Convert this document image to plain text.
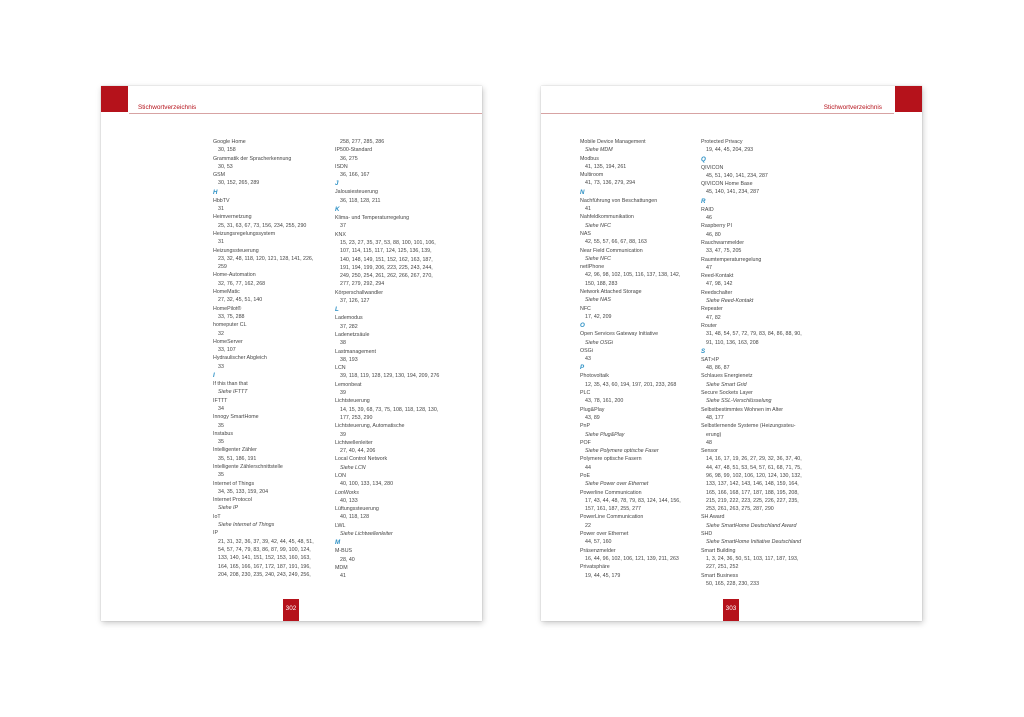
Stichwortverzeichnis
Google Home
30, 158
Grammatik der Spracherkennung
30, 53
GSM
30, 152, 265, 289
H
HbbTV
31
Heimvernetzung
25, 31, 63, 67, 73, 156, 234, 255, 290
Heizungsregelungssystem
31
Heizungssteuerung
23, 32, 48, 118, 120, 121, 128, 141, 226,
259
Home-Automation
32, 76, 77, 162, 268
HomeMatic
27, 32, 45, 51, 140
HomePilot®
33, 75, 288
homeputer CL
32
HomeServer
33, 107
Hydraulischer Abgleich
33
I
If this than that
Siehe IFTTT
IFTTT
34
Innogy SmartHome
35
Instabus
35
Intelligenter Zähler
35, 51, 186, 191
Intelligente Zählerschnittstelle
35
Internet of Things
34, 35, 133, 159, 204
Internet Protocol
Siehe IP
IoT
Siehe Internet of Things
IP
21, 31, 32, 36, 37, 39, 42, 44, 45, 48, 51,
54, 57, 74, 79, 83, 86, 87, 99, 100, 124,
133, 140, 141, 151, 152, 153, 160, 163,
164, 165, 166, 167, 172, 187, 191, 196,
204, 208, 230, 235, 240, 243, 249, 256,
258, 277, 285, 286
IP500-Standard
36, 275
ISDN
36, 166, 167
J
Jalousiesteuerung
36, 118, 128, 211
K
Klima- und Temperaturregelung
37
KNX
15, 23, 27, 35, 37, 53, 88, 100, 101, 106,
107, 114, 115, 117, 124, 125, 136, 139,
140, 148, 149, 151, 152, 162, 163, 187,
191, 194, 199, 206, 223, 225, 243, 244,
249, 250, 254, 261, 262, 266, 267, 270,
277, 279, 292, 294
Körperschallwandler
37, 126, 127
L
Lademodus
37, 282
Ladenetzsäule
38
Lastmanagement
38, 193
LCN
39, 118, 119, 128, 129, 130, 194, 209, 276
Lemonbeat
39
Lichtsteuerung
14, 15, 39, 68, 73, 75, 108, 118, 128, 130,
177, 253, 290
Lichtsteuerung, Automatische
39
Lichtwellenleiter
27, 40, 44, 206
Local Control Network
Siehe LCN
LON
40, 100, 133, 134, 280
LonWorks
40, 133
Lüftungssteuerung
40, 118, 128
LWL
Siehe Lichtwellenleiter
M
M-BUS
28, 40
MDM
41
302
Stichwortverzeichnis
Mobile Device Management
Siehe MDM
Modbus
41, 135, 194, 261
Multiroom
41, 73, 136, 279, 294
N
Nachführung von Beschattungen
41
Nahfeldkommunikation
Siehe NFC
NAS
42, 55, 57, 66, 67, 88, 163
Near Field Communication
Siehe NFC
netIPhone
42, 96, 98, 102, 105, 116, 137, 138, 142,
150, 188, 283
Network Attached Storage
Siehe NAS
NFC
17, 42, 209
O
Open Services Gateway Initiative
Siehe OSGi
OSGi
43
P
Photovoltaik
12, 35, 43, 60, 194, 197, 201, 233, 268
PLC
43, 78, 161, 200
Plug&Play
43, 89
PnP
Siehe Plug&Play
POF
Siehe Polymere optische Faser
Polymere optische Fasern
44
PoE
Siehe Power over Ethernet
Powerline Communication
17, 43, 44, 48, 78, 79, 83, 124, 144, 156,
157, 161, 187, 255, 277
PowerLine Communication
22
Power over Ethernet
44, 57, 160
Präsenzmelder
16, 44, 96, 102, 106, 121, 139, 211, 263
Privatsphäre
19, 44, 45, 179
Protected Privacy
19, 44, 45, 204, 293
Q
QIVICON
45, 51, 140, 141, 234, 287
QIVICON Home Base
45, 140, 141, 234, 287
R
RAID
46
Raspberry PI
46, 80
Rauchwarnmelder
33, 47, 75, 205
Raumtemperaturregelung
47
Reed-Kontakt
47, 98, 142
Reedschalter
Siehe Reed-Kontakt
Repeater
47, 82
Router
31, 48, 54, 57, 72, 79, 83, 84, 86, 88, 90,
91, 110, 136, 163, 208
S
SAT>IP
48, 86, 87
Schlaues Energienetz
Siehe Smart Grid
Secure Sockets Layer
Siehe SSL-Verschlüsselung
Selbstbestimmtes Wohnen im Alter
48, 177
Selbstlernende Systeme (Heizungssteu-
erung)
48
Sensor
14, 16, 17, 19, 26, 27, 29, 32, 36, 37, 40,
44, 47, 48, 51, 53, 54, 57, 61, 68, 71, 75,
96, 98, 99, 102, 106, 120, 124, 130, 132,
133, 137, 142, 143, 146, 148, 159, 164,
165, 166, 168, 177, 187, 188, 195, 208,
215, 219, 222, 223, 225, 226, 227, 235,
253, 261, 263, 275, 287, 290
SH Award
Siehe SmartHome Deutschland Award
SHD
Siehe SmartHome Initiative Deutschland
Smart Building
1, 3, 24, 36, 50, 51, 103, 117, 187, 193,
227, 251, 252
Smart Business
50, 165, 228, 230, 233
303
